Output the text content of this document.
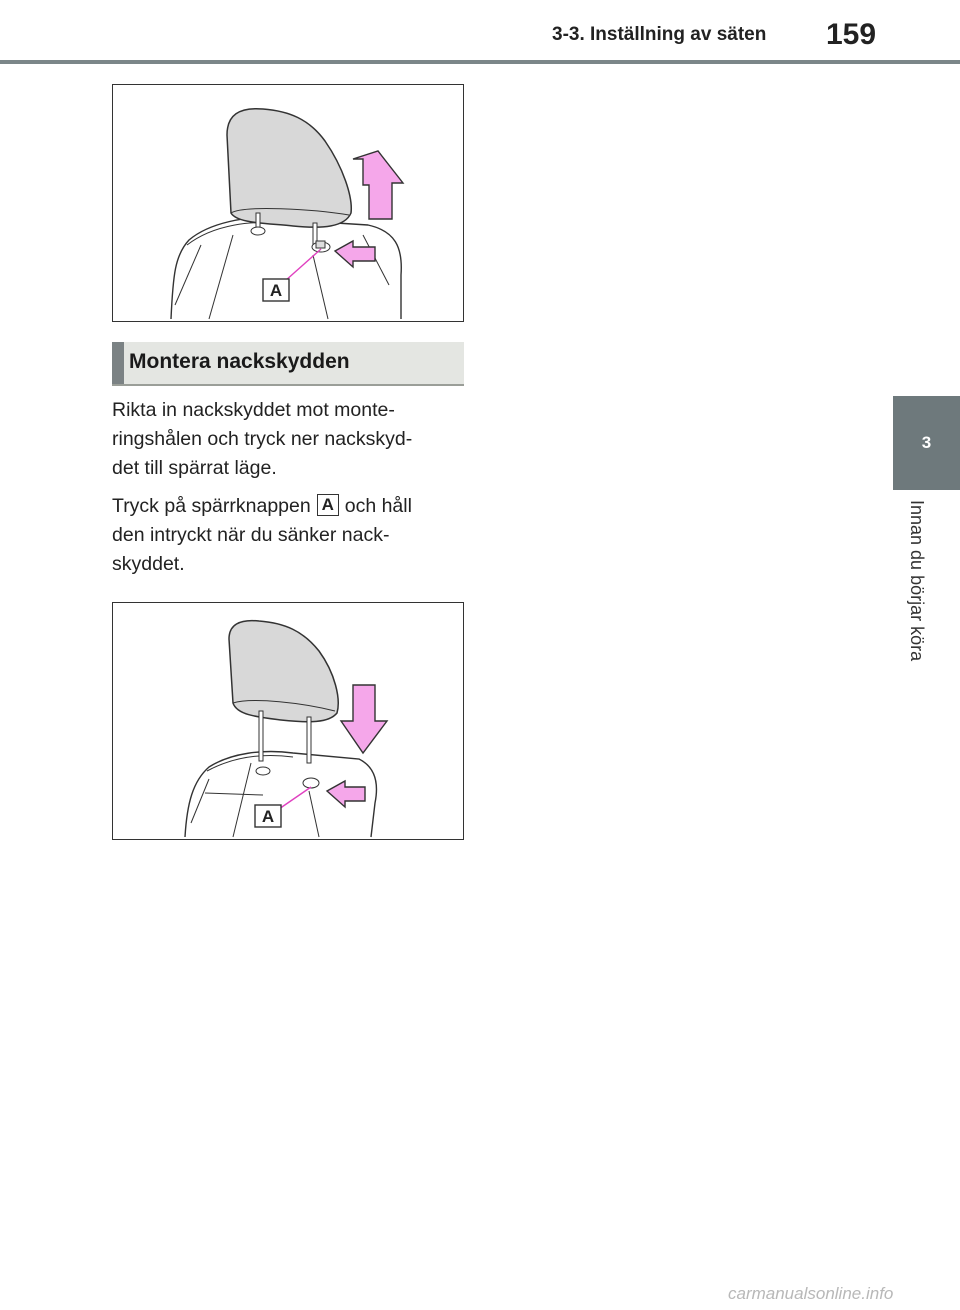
3-3. Inställning av säten 159
3
Innan du börjar köra
A
Montera nackskydden
Rikta in nackskyddet mot monte-
ringshålen och tryck ner nackskyd-
det till spärrat läge.
Tryck på spärrknappen A och håll
den intryckt när du sänker nack-
skyddet.
A
carmanualsonline.info
